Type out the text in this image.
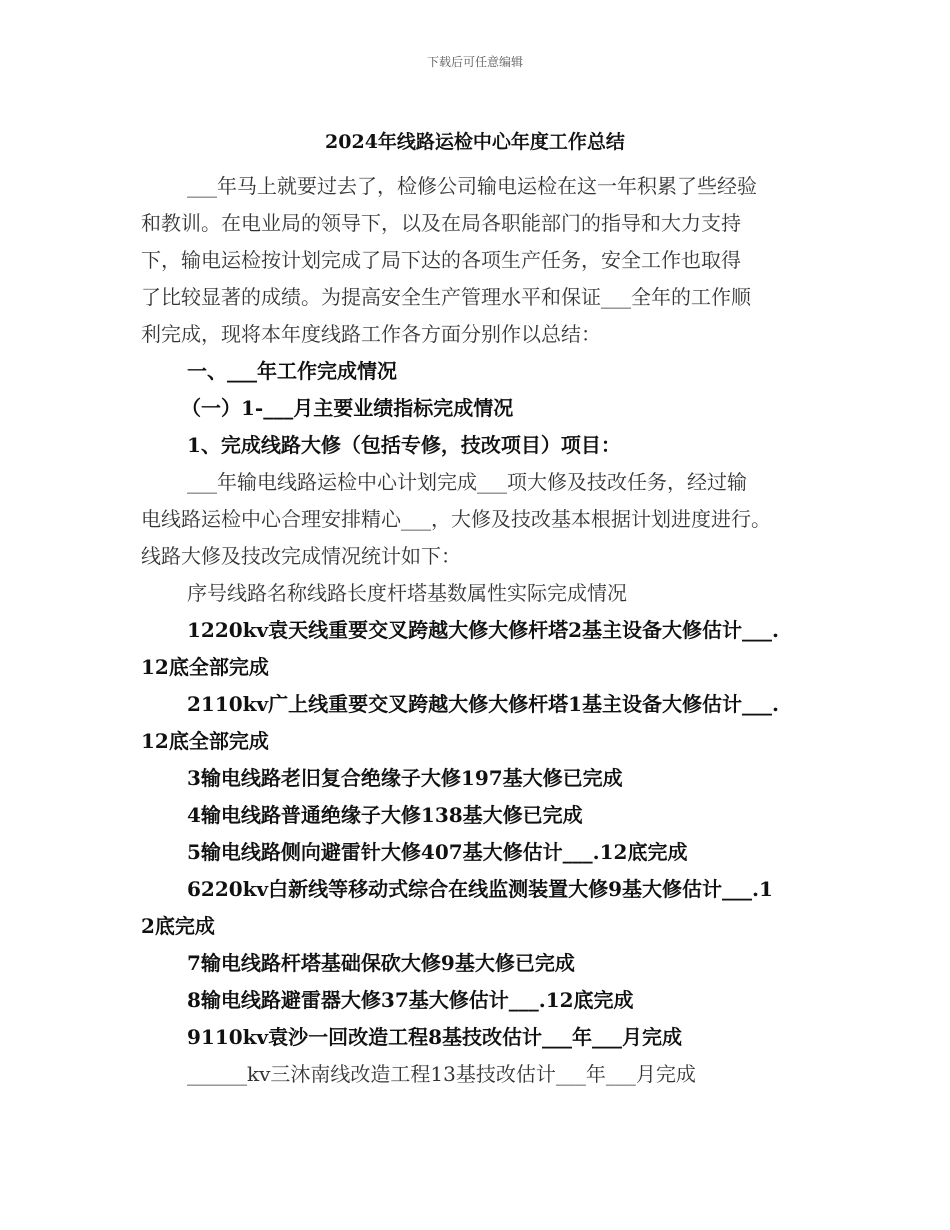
下载后可任意编辑
2024年线路运检中心年度工作总结
___年马上就要过去了，检修公司输电运检在这一年积累了些经验
和教训。在电业局的领导下，以及在局各职能部门的指导和大力支持
下，输电运检按计划完成了局下达的各项生产任务，安全工作也取得
了比较显著的成绩。为提高安全生产管理水平和保证___全年的工作顺
利完成，现将本年度线路工作各方面分别作以总结：
一、___年工作完成情况
（一）1-___月主要业绩指标完成情况
1、完成线路大修（包括专修，技改项目）项目：
___年输电线路运检中心计划完成___项大修及技改任务，经过输
电线路运检中心合理安排精心___，大修及技改基本根据计划进度进行。
线路大修及技改完成情况统计如下：
序号线路名称线路长度杆塔基数属性实际完成情况
1220kv袁天线重要交叉跨越大修大修杆塔2基主设备大修估计___.
12底全部完成
2110kv广上线重要交叉跨越大修大修杆塔1基主设备大修估计___.
12底全部完成
3输电线路老旧复合绝缘子大修197基大修已完成
4输电线路普通绝缘子大修138基大修已完成
5输电线路侧向避雷针大修407基大修估计___.12底完成
6220kv白新线等移动式综合在线监测装置大修9基大修估计___.1
2底完成
7输电线路杆塔基础保砍大修9基大修已完成
8输电线路避雷器大修37基大修估计___.12底完成
9110kv袁沙一回改造工程8基技改估计___年___月完成
______kv三沐南线改造工程13基技改估计___年___月完成
